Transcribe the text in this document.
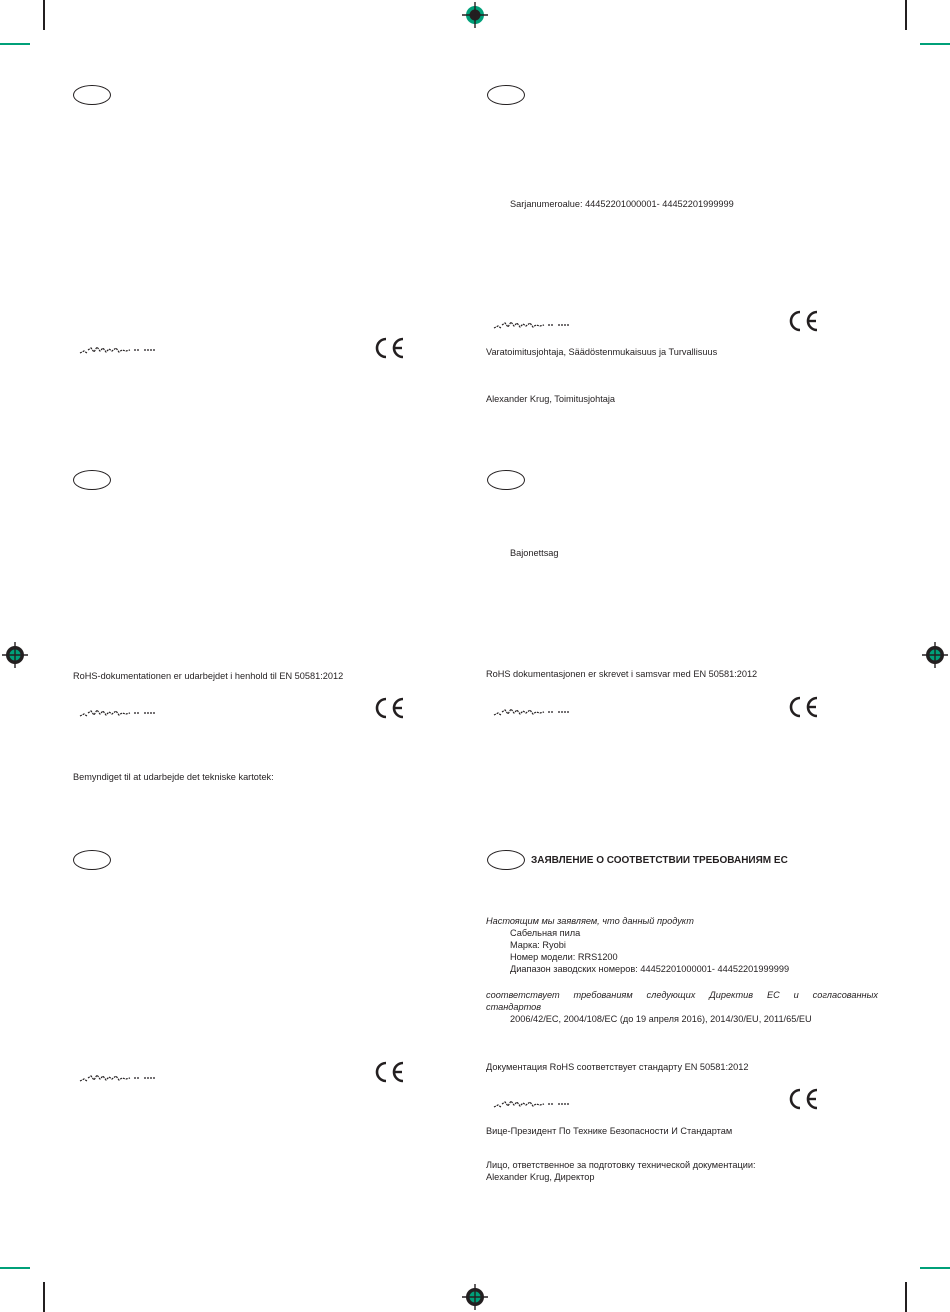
Sarjanumeroalue: 44452201000001- 44452201999999
Varatoimitusjohtaja, Säädöstenmukaisuus ja Turvallisuus
Alexander Krug, Toimitusjohtaja
RoHS-dokumentationen er udarbejdet i henhold til EN 50581:2012
Bemyndiget til at udarbejde det tekniske kartotek:
Bajonettsag
RoHS dokumentasjonen er skrevet i samsvar med EN 50581:2012
ЗАЯВЛЕНИЕ О СООТВЕТСТВИИ ТРЕБОВАНИЯМ ЕС
Настоящим мы заявляем, что данный продукт
Сабельная пила
Марка: Ryobi
Номер модели: RRS1200
Диапазон заводских номеров: 44452201000001- 44452201999999
соответствует требованиям следующих Директив ЕС и согласованных
стандартов
2006/42/EC, 2004/108/EC (до 19 апреля 2016), 2014/30/EU, 2011/65/EU
Документация RoHS соответствует стандарту EN 50581:2012
Вице-Президент По Технике Безопасности И Стандартам
Лицо, ответственное за подготовку технической документации:
Alexander Krug, Директор
